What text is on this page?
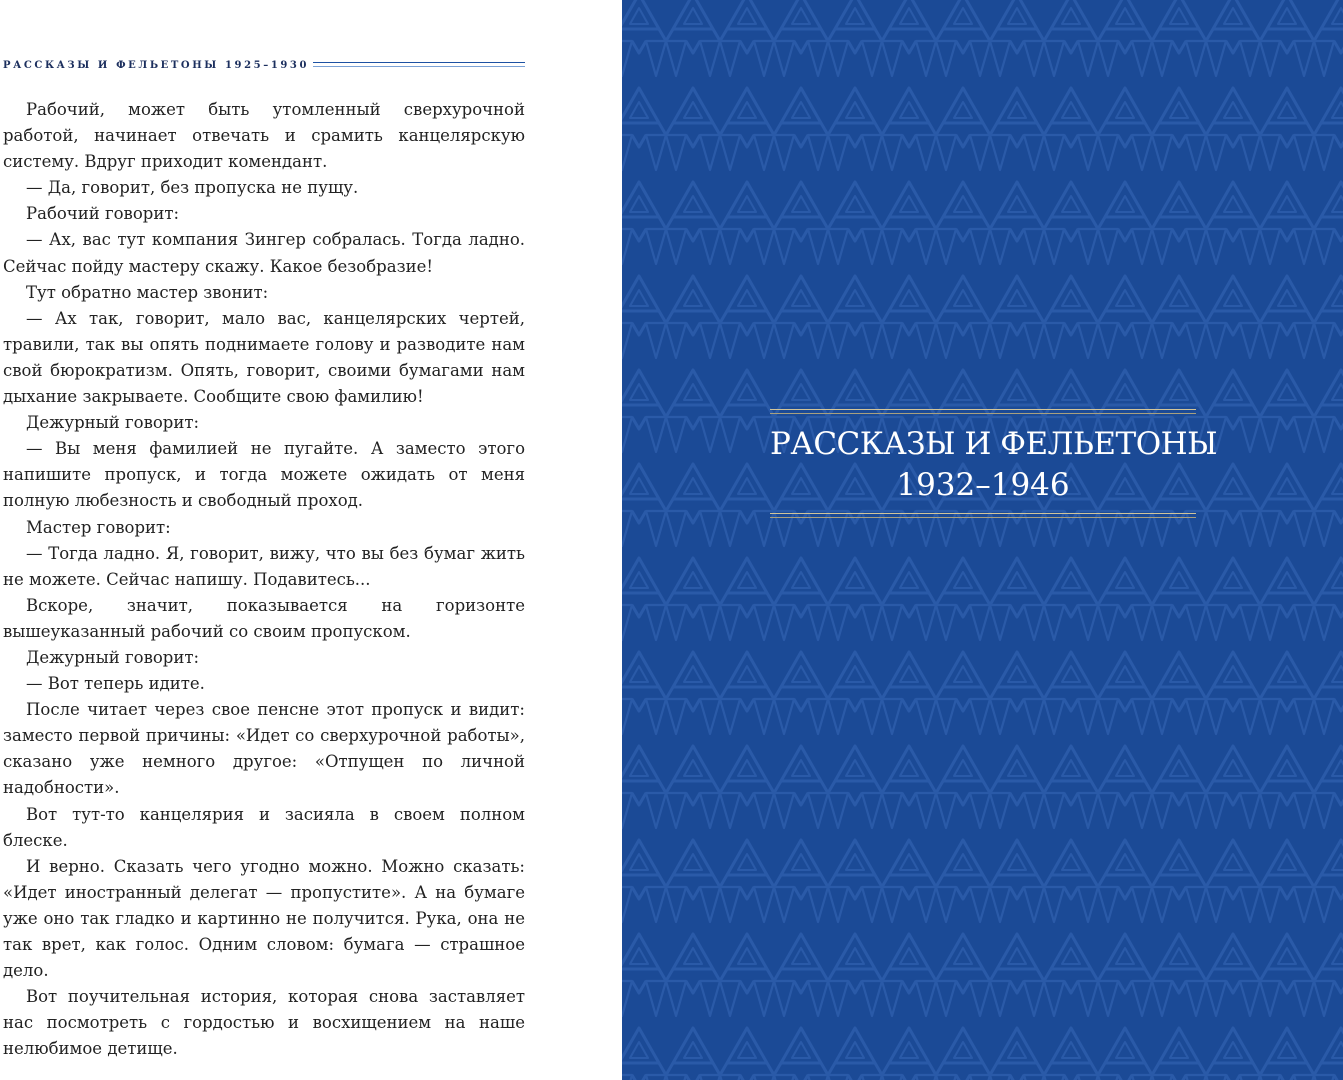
РАССКАЗЫ И ФЕЛЬЕТОНЫ 1925–1930

Рабочий, может быть утомленный сверхурочной работой, начинает отвечать и срамить канцелярскую систему. Вдруг приходит комендант.

— Да, говорит, без пропуска не пущу.

Рабочий говорит:

— Ах, вас тут компания Зингер собралась. Тогда ладно. Сейчас пойду мастеру скажу. Какое безобразие!

Тут обратно мастер звонит:

— Ах так, говорит, мало вас, канцелярских чертей, травили, так вы опять поднимаете голову и разводите нам свой бюрократизм. Опять, говорит, своими бумагами нам дыхание закрываете. Сообщите свою фамилию!

Дежурный говорит:

— Вы меня фамилией не пугайте. А заместо этого напишите пропуск, и тогда можете ожидать от меня полную любезность и свободный проход.

Мастер говорит:

— Тогда ладно. Я, говорит, вижу, что вы без бумаг жить не можете. Сейчас напишу. Подавитесь...

Вскоре, значит, показывается на горизонте вышеуказанный рабочий со своим пропуском.

Дежурный говорит:

— Вот теперь идите.

После читает через свое пенсне этот пропуск и видит: заместо первой причины: «Идет со сверхурочной работы», сказано уже немного другое: «Отпущен по личной надобности».

Вот тут-то канцелярия и засияла в своем полном блеске.

И верно. Сказать чего угодно можно. Можно сказать: «Идет иностранный делегат — пропустите». А на бумаге уже оно так гладко и картинно не получится. Рука, она не так врет, как голос. Одним словом: бумага — страшное дело.

Вот поучительная история, которая снова заставляет нас посмотреть с гордостью и восхищением на наше нелюбимое детище.

РАССКАЗЫ И ФЕЛЬЕТОНЫ
1932–1946
